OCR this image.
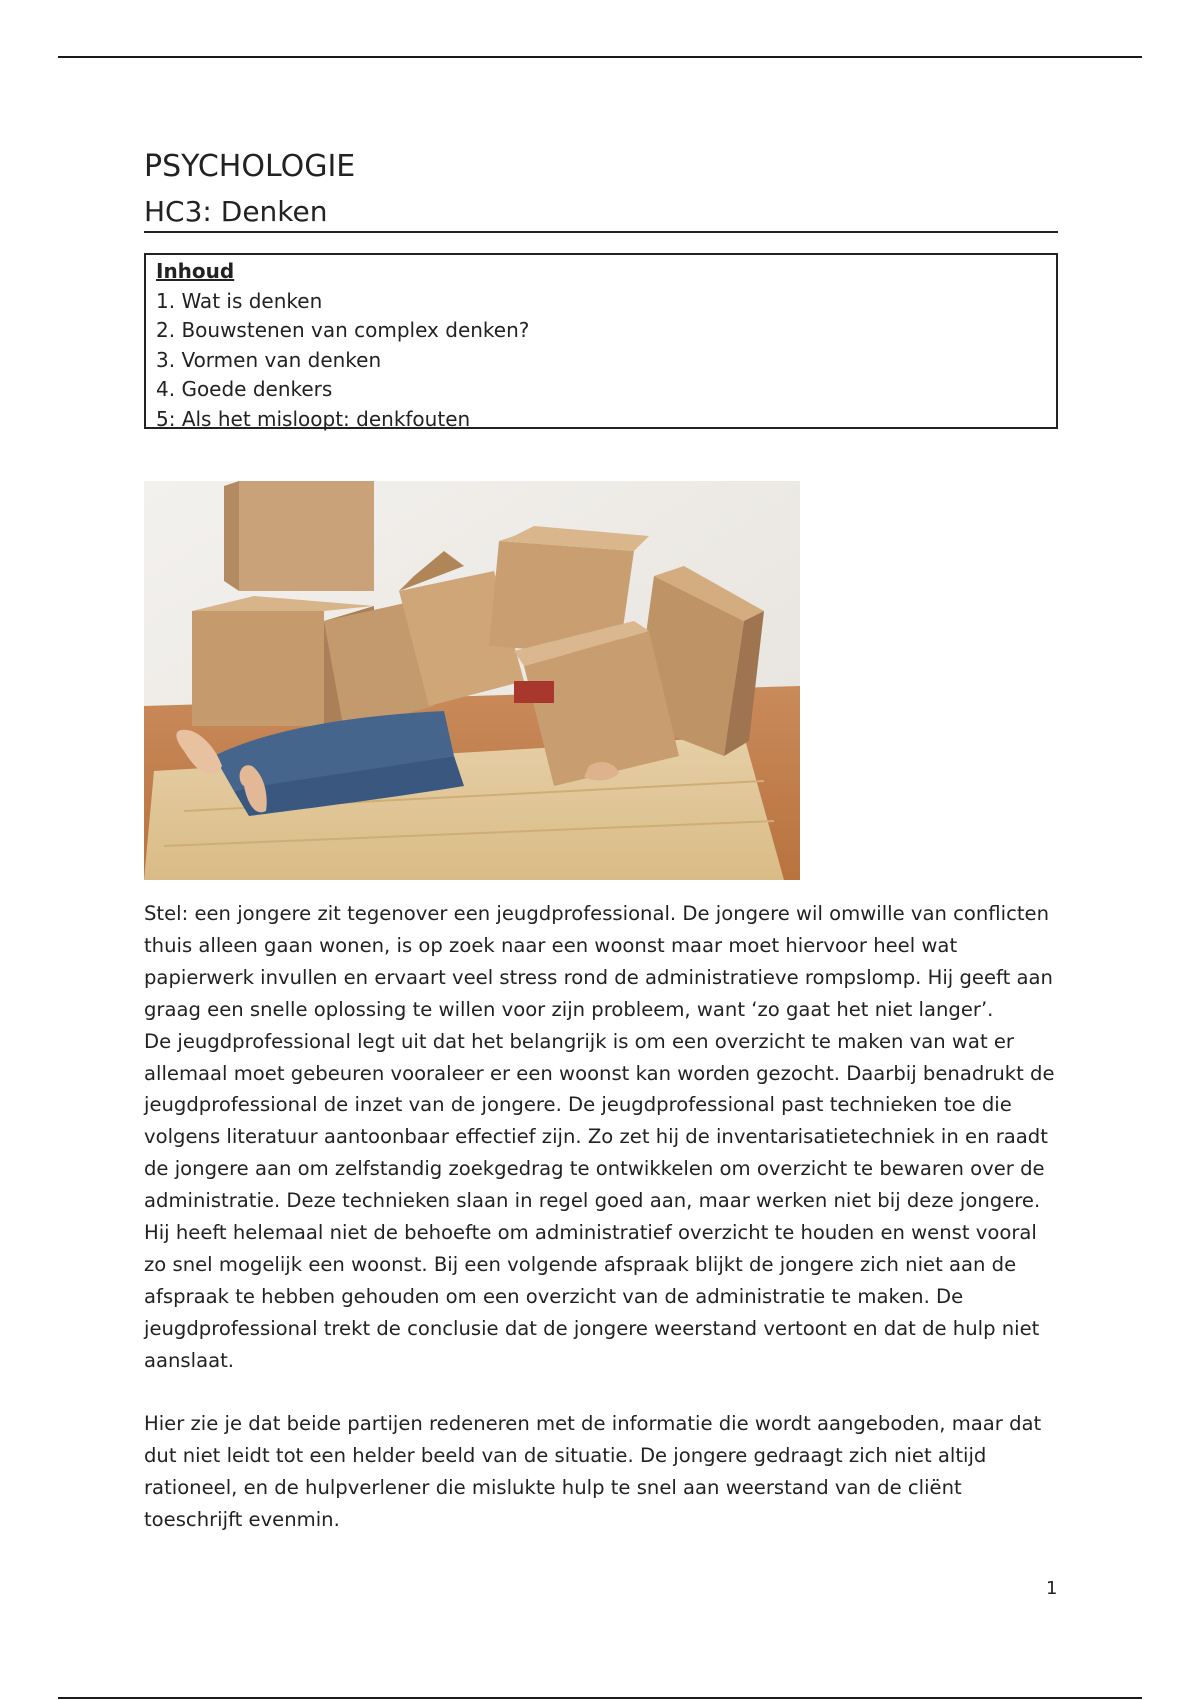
PSYCHOLOGIE
HC3: Denken
Inhoud
1. Wat is denken
2. Bouwstenen van complex denken?
3. Vormen van denken
4. Goede denkers
5: Als het misloopt: denkfouten

Stel: een jongere zit tegenover een jeugdprofessional. De jongere wil omwille van conflicten thuis alleen gaan wonen, is op zoek naar een woonst maar moet hiervoor heel wat papierwerk invullen en ervaart veel stress rond de administratieve rompslomp. Hij geeft aan graag een snelle oplossing te willen voor zijn probleem, want ‘zo gaat het niet langer’.

De jeugdprofessional legt uit dat het belangrijk is om een overzicht te maken van wat er allemaal moet gebeuren vooraleer er een woonst kan worden gezocht. Daarbij benadrukt de jeugdprofessional de inzet van de jongere. De jeugdprofessional past technieken toe die volgens literatuur aantoonbaar effectief zijn. Zo zet hij de inventarisatietechniek in en raadt de jongere aan om zelfstandig zoekgedrag te ontwikkelen om overzicht te bewaren over de administratie. Deze technieken slaan in regel goed aan, maar werken niet bij deze jongere. Hij heeft helemaal niet de behoefte om administratief overzicht te houden en wenst vooral zo snel mogelijk een woonst. Bij een volgende afspraak blijkt de jongere zich niet aan de afspraak te hebben gehouden om een overzicht van de administratie te maken. De jeugdprofessional trekt de conclusie dat de jongere weerstand vertoont en dat de hulp niet aanslaat.

Hier zie je dat beide partijen redeneren met de informatie die wordt aangeboden, maar dat dut niet leidt tot een helder beeld van de situatie. De jongere gedraagt zich niet altijd rationeel, en de hulpverlener die mislukte hulp te snel aan weerstand van de cliënt toeschrijft evenmin.

1
